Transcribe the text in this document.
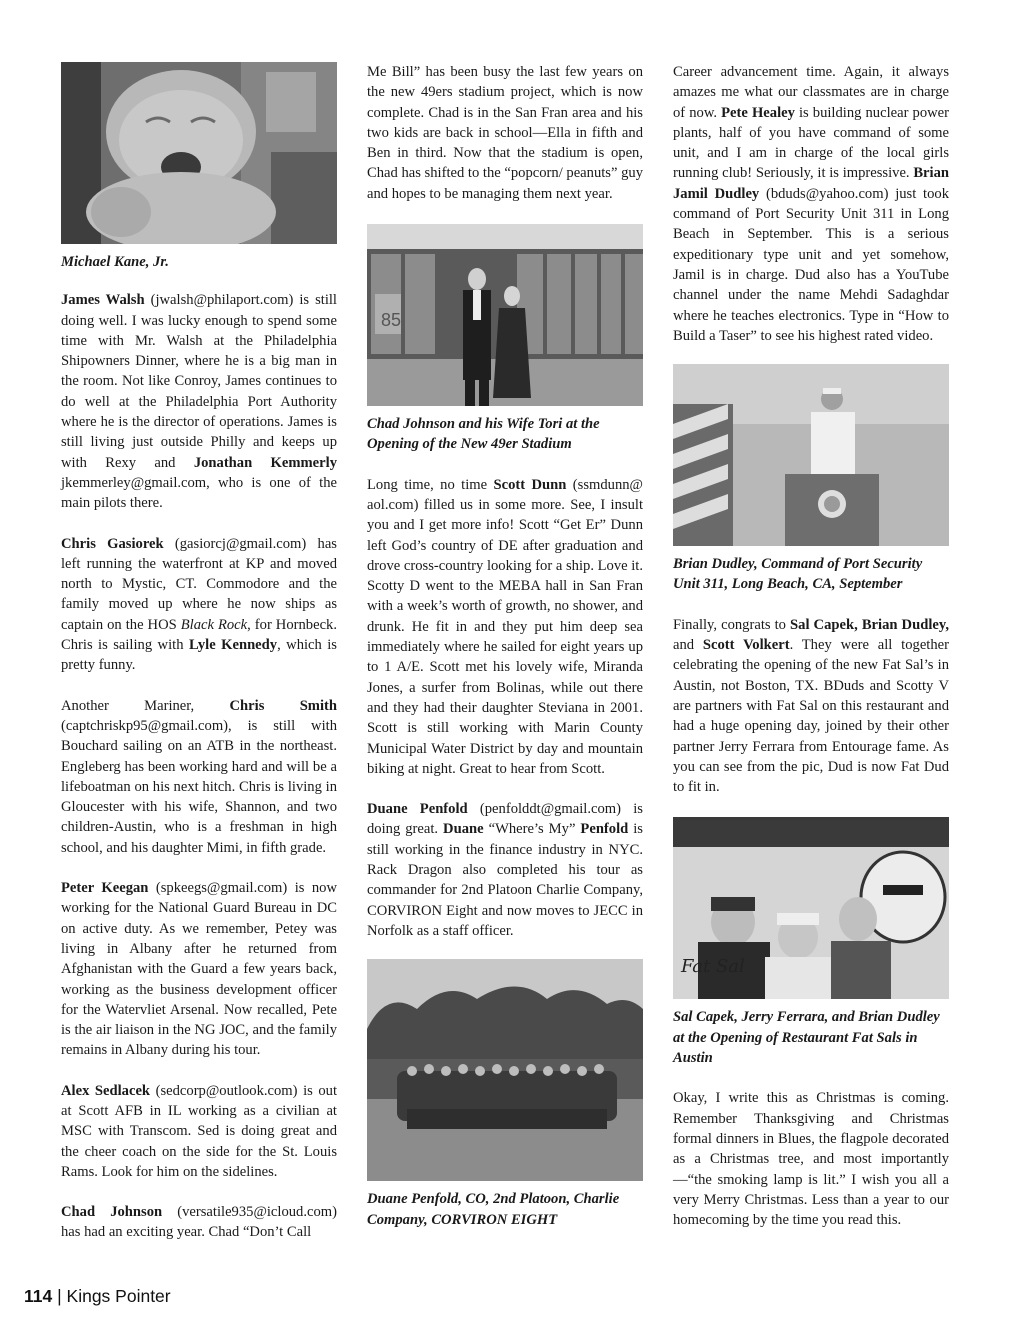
Michael Kane, Jr.

James Walsh (jwalsh@philaport.com) is still doing well. I was lucky enough to spend some time with Mr. Walsh at the Philadelphia Shipowners Dinner, where he is a big man in the room. Not like Conroy, James continues to do well at the Philadelphia Port Authority where he is the director of operations. James is still living just outside Philly and keeps up with Rexy and Jonathan Kemmerly jkemmerley@gmail.com, who is one of the main pilots there.

Chris Gasiorek (gasiorcj@gmail.com) has left running the waterfront at KP and moved north to Mystic, CT. Commodore and the family moved up where he now ships as captain on the HOS Black Rock, for Hornbeck. Chris is sailing with Lyle Kennedy, which is pretty funny.

Another Mariner, Chris Smith (captchriskp95@gmail.com), is still with Bouchard sailing on an ATB in the northeast. Engleberg has been working hard and will be a lifeboatman on his next hitch. Chris is living in Gloucester with his wife, Shannon, and two children-Austin, who is a freshman in high school, and his daughter Mimi, in fifth grade.

Peter Keegan (spkeegs@gmail.com) is now working for the National Guard Bureau in DC on active duty. As we remember, Petey was living in Albany after he returned from Afghanistan with the Guard a few years back, working as the business development officer for the Watervliet Arsenal. Now recalled, Pete is the air liaison in the NG JOC, and the family remains in Albany during his tour.

Alex Sedlacek (sedcorp@outlook.com) is out at Scott AFB in IL working as a civilian at MSC with Transcom. Sed is doing great and the cheer coach on the side for the St. Louis Rams. Look for him on the sidelines.

Chad Johnson (versatile935@icloud.com) has had an exciting year. Chad “Don’t Call

Me Bill” has been busy the last few years on the new 49ers stadium project, which is now complete. Chad is in the San Fran area and his two kids are back in school—Ella in fifth and Ben in third. Now that the stadium is open, Chad has shifted to the “popcorn/ peanuts” guy and hopes to be managing them next year.

85
Chad Johnson and his Wife Tori at the Opening of the New 49er Stadium

Long time, no time Scott Dunn (ssmdunn@ aol.com) filled us in some more. See, I insult you and I get more info! Scott “Get Er” Dunn left God’s country of DE after graduation and drove cross-country looking for a ship. Love it. Scotty D went to the MEBA hall in San Fran with a week’s worth of growth, no shower, and drunk. He fit in and they put him deep sea immediately where he sailed for eight years up to 1 A/E. Scott met his lovely wife, Miranda Jones, a surfer from Bolinas, while out there and they had their daughter Steviana in 2001. Scott is still working with Marin County Municipal Water District by day and mountain biking at night. Great to hear from Scott.

Duane Penfold (penfolddt@gmail.com) is doing great. Duane “Where’s My” Penfold is still working in the finance industry in NYC. Rack Dragon also completed his tour as commander for 2nd Platoon Charlie Company, CORVIRON Eight and now moves to JECC in Norfolk as a staff officer.

Duane Penfold, CO, 2nd Platoon, Charlie Company, CORVIRON EIGHT

Career advancement time. Again, it always amazes me what our classmates are in charge of now. Pete Healey is building nuclear power plants, half of you have command of some unit, and I am in charge of the local girls running club! Seriously, it is impressive. Brian Jamil Dudley (bduds@yahoo.com) just took command of Port Security Unit 311 in Long Beach in September. This is a serious expeditionary type unit and yet somehow, Jamil is in charge. Dud also has a YouTube channel under the name Mehdi Sadaghdar where he teaches electronics. Type in “How to Build a Taser” to see his highest rated video.

Brian Dudley, Command of Port Security Unit 311, Long Beach, CA, September

Finally, congrats to Sal Capek, Brian Dudley, and Scott Volkert. They were all together celebrating the opening of the new Fat Sal’s in Austin, not Boston, TX. BDuds and Scotty V are partners with Fat Sal on this restaurant and had a huge opening day, joined by their other partner Jerry Ferrara from Entourage fame. As you can see from the pic, Dud is now Fat Dud to fit in.

Fat Sal
Sal Capek, Jerry Ferrara, and Brian Dudley at the Opening of Restaurant Fat Sals in Austin

Okay, I write this as Christmas is coming. Remember Thanksgiving and Christmas formal dinners in Blues, the flagpole decorated as a Christmas tree, and most importantly—“the smoking lamp is lit.” I wish you all a very Merry Christmas. Less than a year to our homecoming by the time you read this.

114 | Kings Pointer
